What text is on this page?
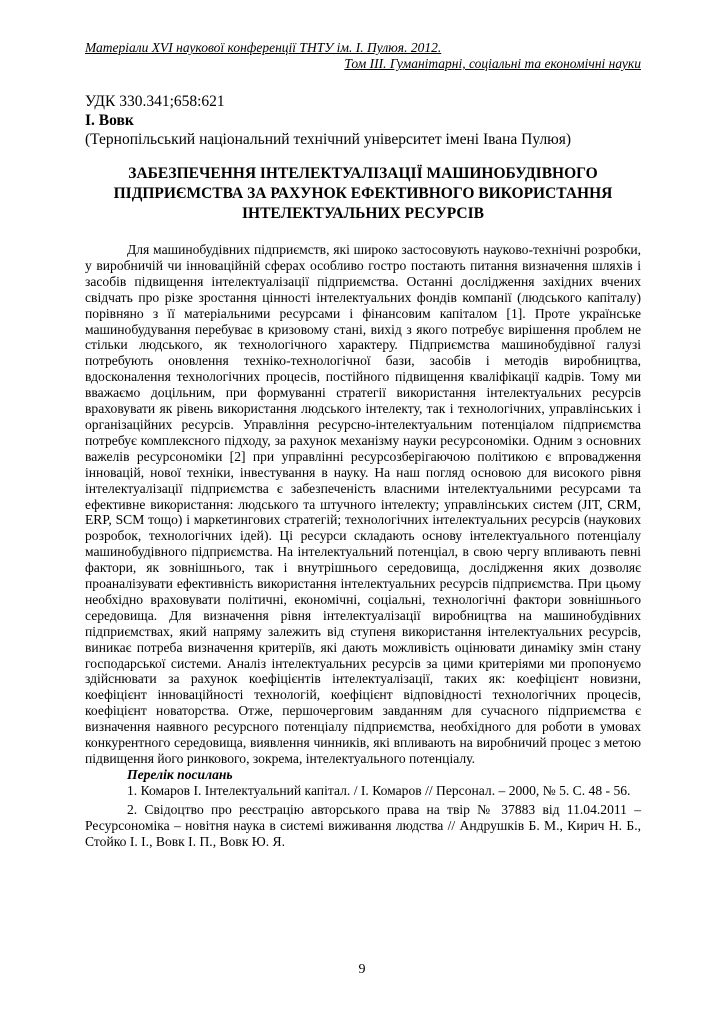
Матеріали XVI наукової конференції ТНТУ ім. І. Пулюя. 2012.
Том ІІІ. Гуманітарні, соціальні та економічні науки
УДК 330.341;658:621
І. Вовк
(Тернопільський національний технічний університет імені Івана Пулюя)
ЗАБЕЗПЕЧЕННЯ ІНТЕЛЕКТУАЛІЗАЦІЇ МАШИНОБУДІВНОГО ПІДПРИЄМСТВА ЗА РАХУНОК ЕФЕКТИВНОГО ВИКОРИСТАННЯ ІНТЕЛЕКТУАЛЬНИХ РЕСУРСІВ

Для машинобудівних підприємств, які широко застосовують науково-технічні розробки, у виробничій чи інноваційній сферах особливо гостро постають питання визначення шляхів і засобів підвищення інтелектуалізації підприємства. Останні дослідження західних вчених свідчать про різке зростання цінності інтелектуальних фондів компанії (людського капіталу) порівняно з її матеріальними ресурсами і фінансовим капіталом [1]. Проте українське машинобудування перебуває в кризовому стані, вихід з якого потребує вирішення проблем не стільки людського, як технологічного характеру. Підприємства машинобудівної галузі потребують оновлення техніко-технологічної бази, засобів і методів виробництва, вдосконалення технологічних процесів, постійного підвищення кваліфікації кадрів. Тому ми вважаємо доцільним, при формуванні стратегії використання інтелектуальних ресурсів враховувати як рівень використання людського інтелекту, так і технологічних, управлінських і організаційних ресурсів. Управління ресурсно-інтелектуальним потенціалом підприємства потребує комплексного підходу, за рахунок механізму науки ресурсономіки. Одним з основних важелів ресурсономіки [2] при управлінні ресурсозберігаючою політикою є впровадження інновацій, нової техніки, інвестування в науку. На наш погляд основою для високого рівня інтелектуалізації підприємства є забезпеченість власними інтелектуальними ресурсами та ефективне використання: людського та штучного інтелекту; управлінських систем (JIT, CRM, ERP, SCM тощо) і маркетингових стратегій; технологічних інтелектуальних ресурсів (наукових розробок, технологічних ідей). Ці ресурси складають основу інтелектуального потенціалу машинобудівного підприємства. На інтелектуальний потенціал, в свою чергу впливають певні фактори, як зовнішнього, так і внутрішнього середовища, дослідження яких дозволяє проаналізувати ефективність використання інтелектуальних ресурсів підприємства. При цьому необхідно враховувати політичні, економічні, соціальні, технологічні фактори зовнішнього середовища. Для визначення рівня інтелектуалізації виробництва на машинобудівних підприємствах, який напряму залежить від ступеня використання інтелектуальних ресурсів, виникає потреба визначення критеріїв, які дають можливість оцінювати динаміку змін стану господарської системи. Аналіз інтелектуальних ресурсів за цими критеріями ми пропонуємо здійснювати за рахунок коефіцієнтів інтелектуалізації, таких як: коефіцієнт новизни, коефіцієнт інноваційності технологій, коефіцієнт відповідності технологічних процесів, коефіцієнт новаторства. Отже, першочерговим завданням для сучасного підприємства є визначення наявного ресурсного потенціалу підприємства, необхідного для роботи в умовах конкурентного середовища, виявлення чинників, які впливають на виробничий процес з метою підвищення його ринкового, зокрема, інтелектуального потенціалу.

Перелік посилань

1. Комаров І. Інтелектуальний капітал. / І. Комаров // Персонал. – 2000, № 5. С. 48 - 56.

2. Свідоцтво про реєстрацію авторського права на твір № 37883 від 11.04.2011 – Ресурсономіка – новітня наука в системі виживання людства // Андрушків Б. М., Кирич Н. Б., Стойко І. І., Вовк І. П., Вовк Ю. Я.

9
